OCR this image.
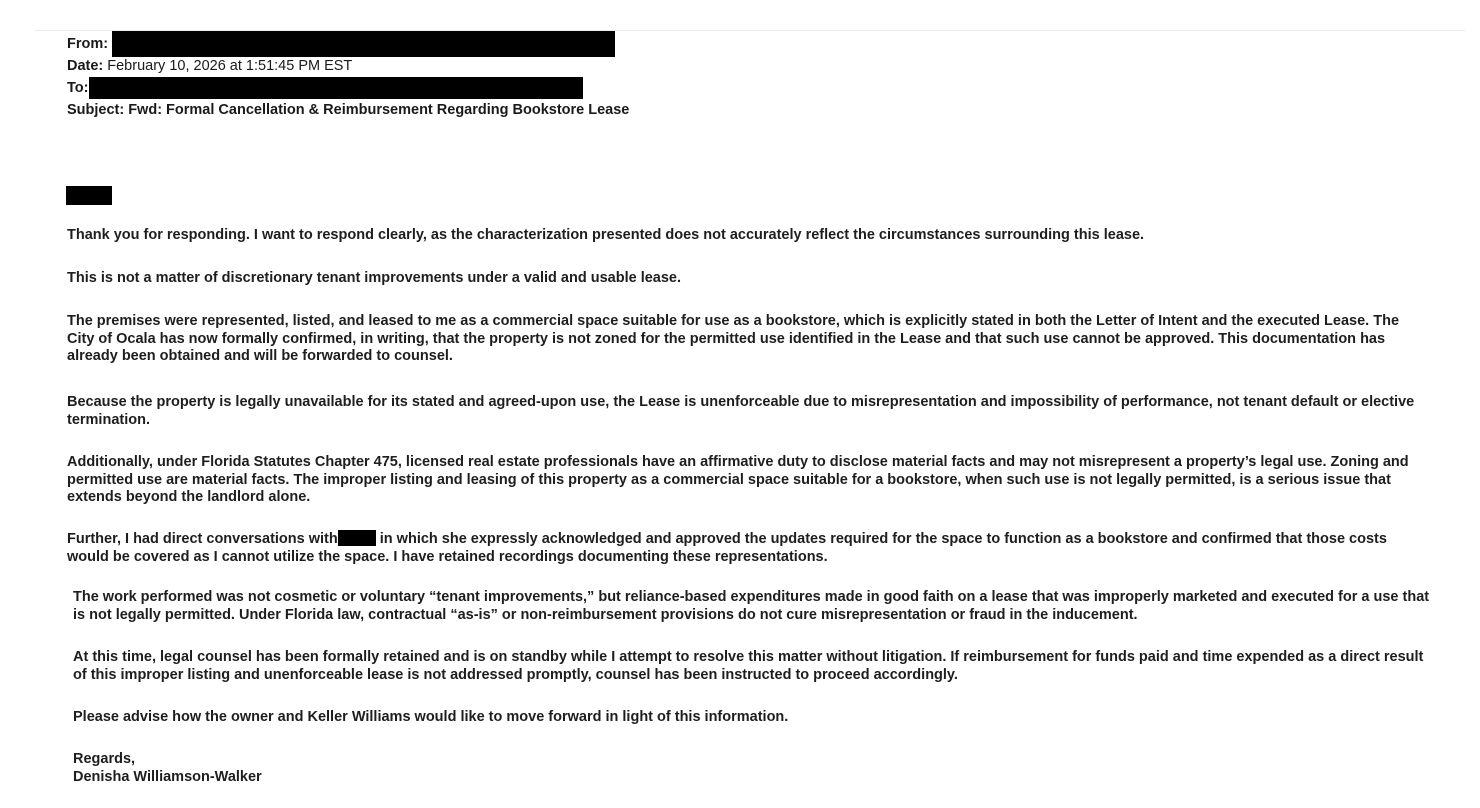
From:
Date: February 10, 2026 at 1:51:45 PM EST
To:
Subject: Fwd: Formal Cancellation & Reimbursement Regarding Bookstore Lease

Thank you for responding. I want to respond clearly, as the characterization presented does not accurately reflect the circumstances surrounding this lease.

This is not a matter of discretionary tenant improvements under a valid and usable lease.

The premises were represented, listed, and leased to me as a commercial space suitable for use as a bookstore, which is explicitly stated in both the Letter of Intent and the executed Lease. The City of Ocala has now formally confirmed, in writing, that the property is not zoned for the permitted use identified in the Lease and that such use cannot be approved. This documentation has already been obtained and will be forwarded to counsel.

Because the property is legally unavailable for its stated and agreed-upon use, the Lease is unenforceable due to misrepresentation and impossibility of performance, not tenant default or elective termination.

Additionally, under Florida Statutes Chapter 475, licensed real estate professionals have an affirmative duty to disclose material facts and may not misrepresent a property’s legal use. Zoning and permitted use are material facts. The improper listing and leasing of this property as a commercial space suitable for a bookstore, when such use is not legally permitted, is a serious issue that extends beyond the landlord alone.

Further, I had direct conversations with	in which she expressly acknowledged and approved the updates required for the space to function as a bookstore and confirmed that those costs would be covered as I cannot utilize the space. I have retained recordings documenting these representations.

The work performed was not cosmetic or voluntary “tenant improvements,” but reliance-based expenditures made in good faith on a lease that was improperly marketed and executed for a use that is not legally permitted. Under Florida law, contractual “as-is” or non-reimbursement provisions do not cure misrepresentation or fraud in the inducement.

At this time, legal counsel has been formally retained and is on standby while I attempt to resolve this matter without litigation. If reimbursement for funds paid and time expended as a direct result of this improper listing and unenforceable lease is not addressed promptly, counsel has been instructed to proceed accordingly.

Please advise how the owner and Keller Williams would like to move forward in light of this information.

Regards,

Denisha Williamson-Walker
